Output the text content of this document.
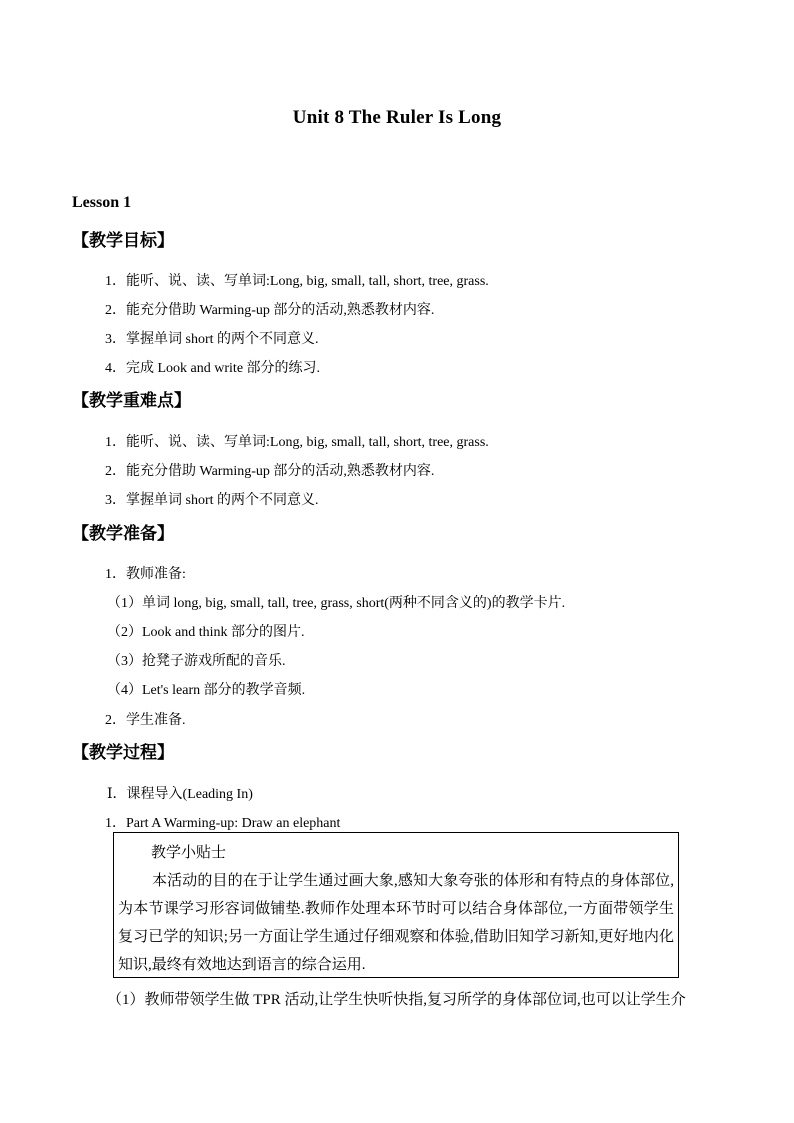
Unit 8 The Ruler Is Long
Lesson 1
【教学目标】
1．能听、说、读、写单词:Long, big, small, tall, short, tree, grass.
2．能充分借助 Warming-up 部分的活动,熟悉教材内容.
3．掌握单词 short 的两个不同意义.
4．完成 Look and write 部分的练习.
【教学重难点】
1．能听、说、读、写单词:Long, big, small, tall, short, tree, grass.
2．能充分借助 Warming-up 部分的活动,熟悉教材内容.
3．掌握单词 short 的两个不同意义.
【教学准备】
1．教师准备:
（1）单词 long, big, small, tall, tree, grass, short(两种不同含义的)的教学卡片.
（2）Look and think 部分的图片.
（3）抢凳子游戏所配的音乐.
（4）Let's learn 部分的教学音频.
2．学生准备.
【教学过程】
Ⅰ．课程导入(Leading In)
1．Part A Warming-up: Draw an elephant
教学小贴士
本活动的目的在于让学生通过画大象,感知大象夸张的体形和有特点的身体部位,为本节课学习形容词做铺垫.教师作处理本环节时可以结合身体部位,一方面带领学生复习已学的知识;另一方面让学生通过仔细观察和体验,借助旧知学习新知,更好地内化知识,最终有效地达到语言的综合运用.
（1）教师带领学生做 TPR 活动,让学生快听快指,复习所学的身体部位词,也可以让学生介
